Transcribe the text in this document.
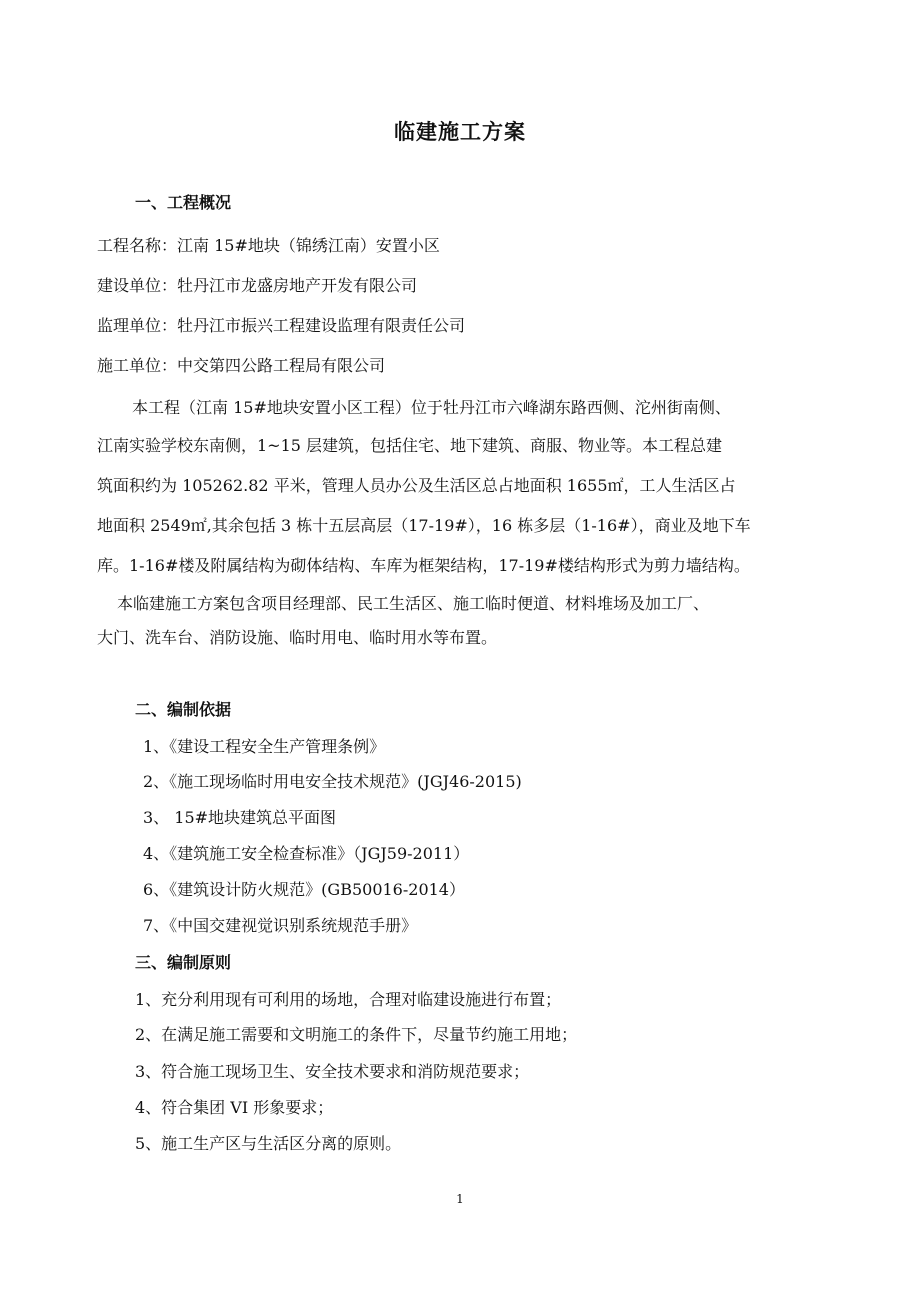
临建施工方案
一、工程概况
工程名称：江南 15#地块（锦绣江南）安置小区
建设单位：牡丹江市龙盛房地产开发有限公司
监理单位：牡丹江市振兴工程建设监理有限责任公司
施工单位：中交第四公路工程局有限公司
本工程（江南 15#地块安置小区工程）位于牡丹江市六峰湖东路西侧、沱州街南侧、
江南实验学校东南侧，1~15 层建筑，包括住宅、地下建筑、商服、物业等。本工程总建
筑面积约为 105262.82 平米，管理人员办公及生活区总占地面积 1655㎡，工人生活区占
地面积 2549㎡,其余包括 3 栋十五层高层（17-19#），16 栋多层（1-16#），商业及地下车
库。1-16#楼及附属结构为砌体结构、车库为框架结构，17-19#楼结构形式为剪力墙结构。
本临建施工方案包含项目经理部、民工生活区、施工临时便道、材料堆场及加工厂、
大门、洗车台、消防设施、临时用电、临时用水等布置。
二、编制依据
1、《建设工程安全生产管理条例》
2、《施工现场临时用电安全技术规范》(JGJ46-2015)
3、 15#地块建筑总平面图
4、《建筑施工安全检查标准》（JGJ59-2011）
6、《建筑设计防火规范》(GB50016-2014）
7、《中国交建视觉识别系统规范手册》
三、编制原则
1、充分利用现有可利用的场地，合理对临建设施进行布置；
2、在满足施工需要和文明施工的条件下，尽量节约施工用地；
3、符合施工现场卫生、安全技术要求和消防规范要求；
4、符合集团 VI 形象要求；
5、施工生产区与生活区分离的原则。
1
